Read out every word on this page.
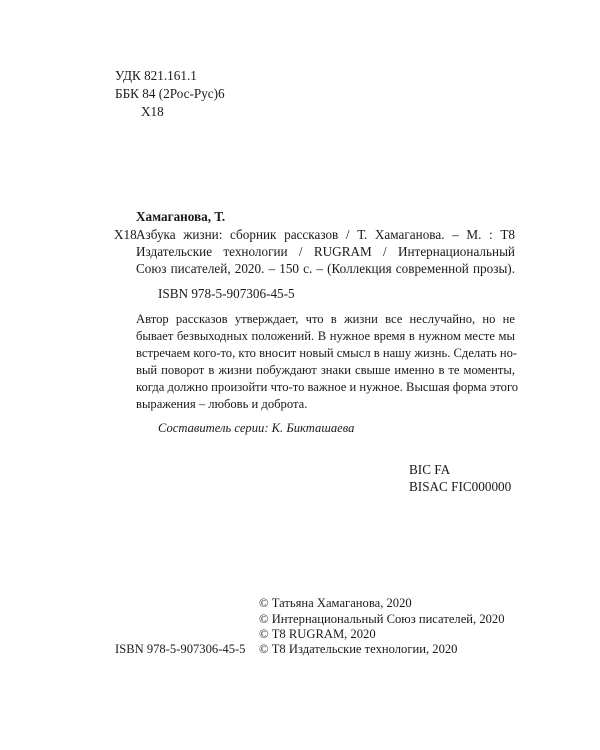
УДК 821.161.1
ББК 84 (2Рос-Рус)6
Х18
Хамаганова, Т.
Х18 Азбука жизни: сборник рассказов / Т. Хамаганова. – М. : Т8
Издательские технологии / RUGRAM / Интернациональный
Союз писателей, 2020. – 150 с. – (Коллекция современной прозы).
ISBN 978-5-907306-45-5
Автор рассказов утверждает, что в жизни все неслучайно, но не
бывает безвыходных положений. В нужное время в нужном месте мы
встречаем кого-то, кто вносит новый смысл в нашу жизнь. Сделать но-
вый поворот в жизни побуждают знаки свыше именно в те моменты,
когда должно произойти что-то важное и нужное. Высшая форма этого
выражения – любовь и доброта.
Составитель серии: К. Бикташаева
BIC FA
BISAC FIC000000
ISBN 978-5-907306-45-5
© Татьяна Хамаганова, 2020
© Интернациональный Союз писателей, 2020
© Т8 RUGRAM, 2020
© Т8 Издательские технологии, 2020
